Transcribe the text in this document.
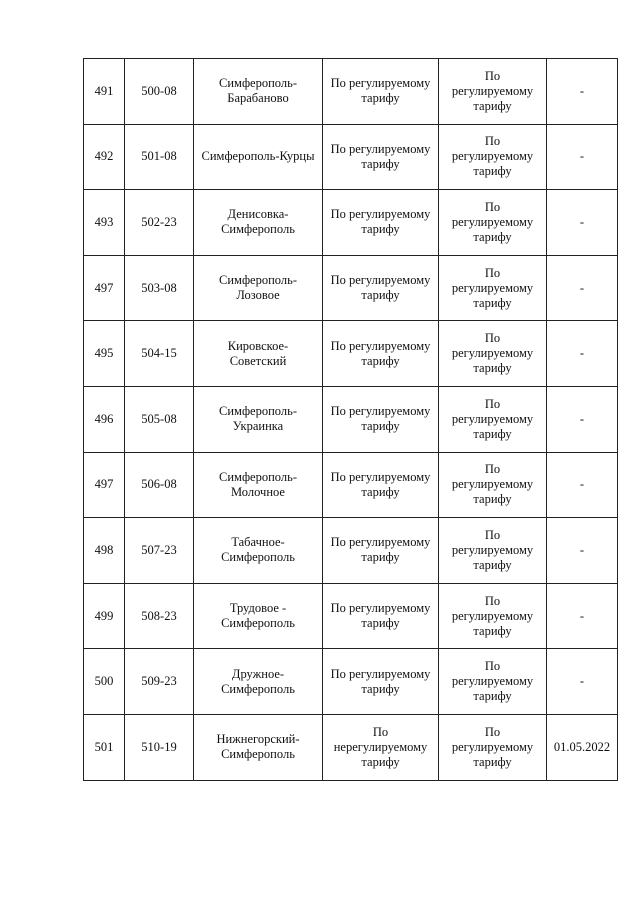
491	500-08	Симферополь-
Барабаново	По регулируемому
тарифу	По
регулируемому
тарифу	-

492	501-08	Симферополь-Курцы	По регулируемому
тарифу	По
регулируемому
тарифу	-

493	502-23	Денисовка-
Симферополь	По регулируемому
тарифу	По
регулируемому
тарифу	-

497	503-08	Симферополь-
Лозовое	По регулируемому
тарифу	По
регулируемому
тарифу	-

495	504-15	Кировское-
Советский	По регулируемому
тарифу	По
регулируемому
тарифу	-

496	505-08	Симферополь-
Украинка	По регулируемому
тарифу	По
регулируемому
тарифу	-

497	506-08	Симферополь-
Молочное	По регулируемому
тарифу	По
регулируемому
тарифу	-

498	507-23	Табачное-
Симферополь	По регулируемому
тарифу	По
регулируемому
тарифу	-

499	508-23	Трудовое -
Симферополь	По регулируемому
тарифу	По
регулируемому
тарифу	-

500	509-23	Дружное-
Симферополь	По регулируемому
тарифу	По
регулируемому
тарифу	-

501	510-19	Нижнегорский-
Симферополь	По
нерегулируемому
тарифу	По
регулируемому
тарифу	01.05.2022
